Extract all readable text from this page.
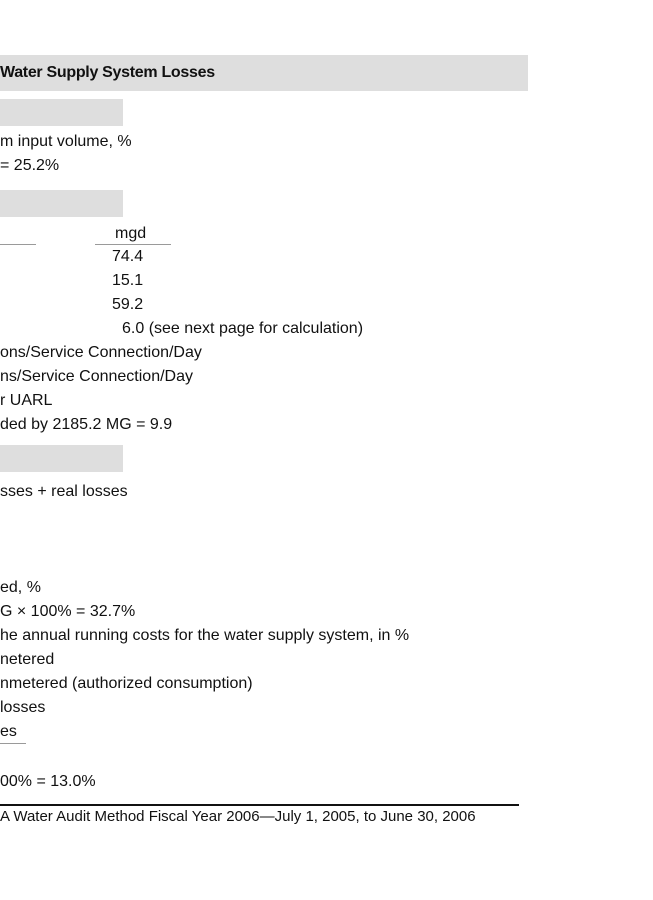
Water Supply System Losses
m input volume, %
= 25.2%
mgd
74.4
15.1
59.2
6.0 (see next page for calculation)
ons/Service Connection/Day
ns/Service Connection/Day
r UARL
ded by 2185.2 MG = 9.9
sses + real losses
ed, %
G × 100% = 32.7%
he annual running costs for the water supply system, in %
netered
nmetered (authorized consumption)
losses
es
00% = 13.0%
A Water Audit Method Fiscal Year 2006—July 1, 2005, to June 30, 2006
